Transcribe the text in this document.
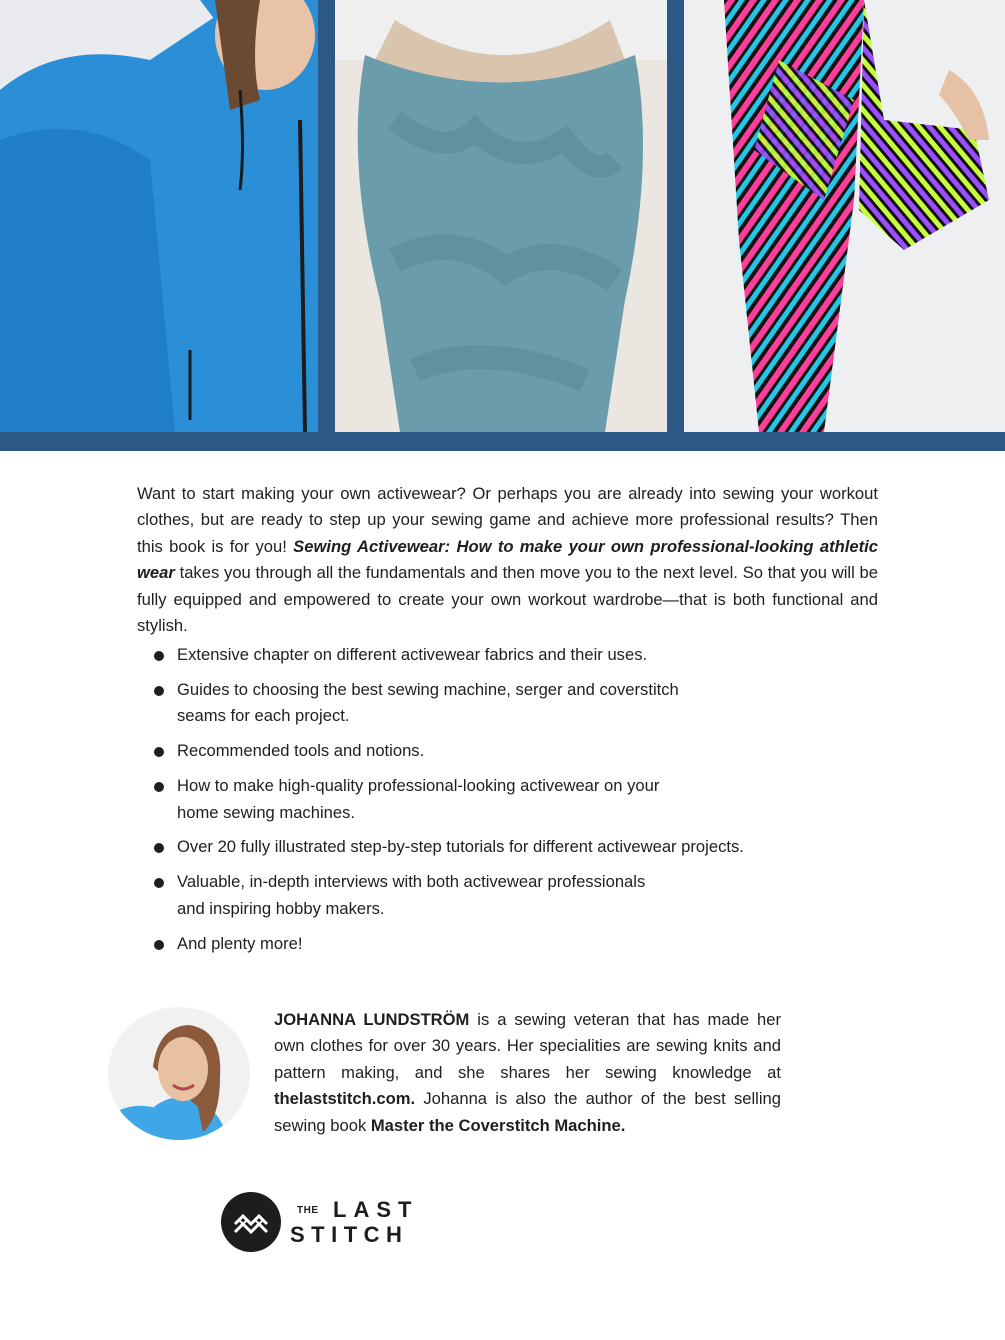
Want to start making your own activewear? Or perhaps you are already into sewing your workout clothes, but are ready to step up your sewing game and achieve more professional results? Then this book is for you! Sewing Activewear: How to make your own professional-looking athletic wear takes you through all the fundamentals and then move you to the next level. So that you will be fully equipped and empowered to create your own workout wardrobe—that is both functional and stylish.

Extensive chapter on different activewear fabrics and their uses.
Guides to choosing the best sewing machine, serger and coverstitch
seams for each project.
Recommended tools and notions.
How to make high-quality professional-looking activewear on your
home sewing machines.
Over 20 fully illustrated step-by-step tutorials for different activewear projects.
Valuable, in-depth interviews with both activewear professionals
and inspiring hobby makers.
And plenty more!

JOHANNA LUNDSTRÖM is a sewing veteran that has made her own clothes for over 30 years. Her specialities are sewing knits and pattern making, and she shares her sewing knowledge at thelaststitch.com. Johanna is also the author of the best selling sewing book Master the Coverstitch Machine.

THE LAST
STITCH
